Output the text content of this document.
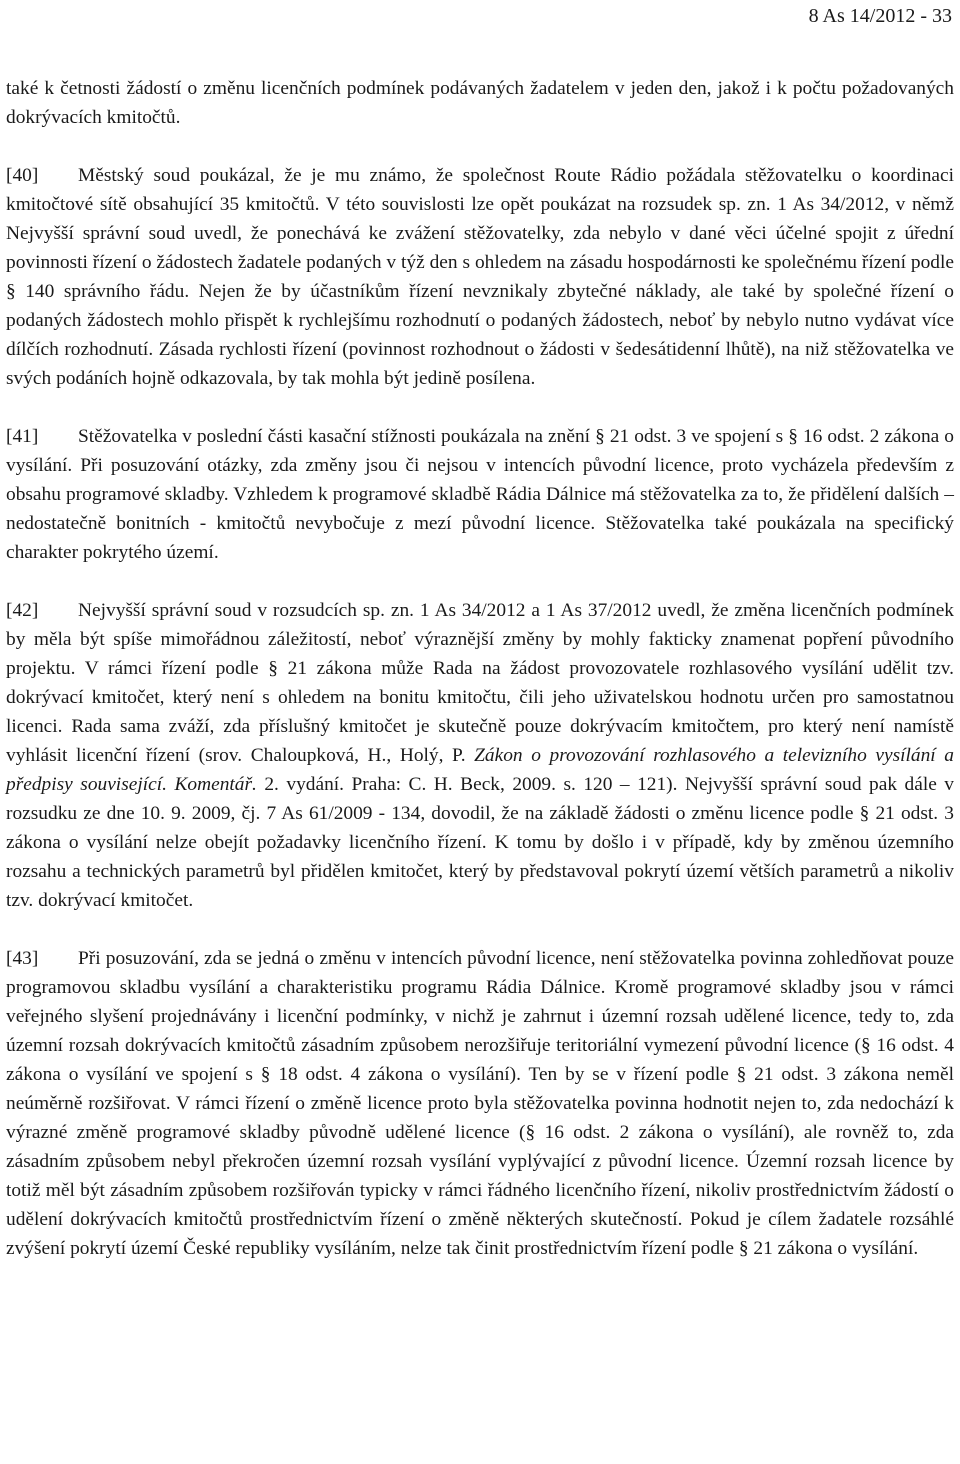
8 As 14/2012 - 33

také k četnosti žádostí o změnu licenčních podmínek podávaných žadatelem v jeden den, jakož i k počtu požadovaných dokrývacích kmitočtů.

[40] Městský soud poukázal, že je mu známo, že společnost Route Rádio požádala stěžovatelku o koordinaci kmitočtové sítě obsahující 35 kmitočtů. V této souvislosti lze opět poukázat na rozsudek sp. zn. 1 As 34/2012, v němž Nejvyšší správní soud uvedl, že ponechává ke zvážení stěžovatelky, zda nebylo v dané věci účelné spojit z úřední povinnosti řízení o žádostech žadatele podaných v týž den s ohledem na zásadu hospodárnosti ke společnému řízení podle § 140 správního řádu. Nejen že by účastníkům řízení nevznikaly zbytečné náklady, ale také by společné řízení o podaných žádostech mohlo přispět k rychlejšímu rozhodnutí o podaných žádostech, neboť by nebylo nutno vydávat více dílčích rozhodnutí. Zásada rychlosti řízení (povinnost rozhodnout o žádosti v šedesátidenní lhůtě), na niž stěžovatelka ve svých podáních hojně odkazovala, by tak mohla být jedině posílena.

[41] Stěžovatelka v poslední části kasační stížnosti poukázala na znění § 21 odst. 3 ve spojení s § 16 odst. 2 zákona o vysílání. Při posuzování otázky, zda změny jsou či nejsou v intencích původní licence, proto vycházela především z obsahu programové skladby. Vzhledem k programové skladbě Rádia Dálnice má stěžovatelka za to, že přidělení dalších – nedostatečně bonitních - kmitočtů nevybočuje z mezí původní licence. Stěžovatelka také poukázala na specifický charakter pokrytého území.

[42] Nejvyšší správní soud v rozsudcích sp. zn. 1 As 34/2012 a 1 As 37/2012 uvedl, že změna licenčních podmínek by měla být spíše mimořádnou záležitostí, neboť výraznější změny by mohly fakticky znamenat popření původního projektu. V rámci řízení podle § 21 zákona může Rada na žádost provozovatele rozhlasového vysílání udělit tzv. dokrývací kmitočet, který není s ohledem na bonitu kmitočtu, čili jeho uživatelskou hodnotu určen pro samostatnou licenci. Rada sama zváží, zda příslušný kmitočet je skutečně pouze dokrývacím kmitočtem, pro který není namístě vyhlásit licenční řízení (srov. Chaloupková, H., Holý, P. Zákon o provozování rozhlasového a televizního vysílání a předpisy související. Komentář. 2. vydání. Praha: C. H. Beck, 2009. s. 120 – 121). Nejvyšší správní soud pak dále v rozsudku ze dne 10. 9. 2009, čj. 7 As 61/2009 - 134, dovodil, že na základě žádosti o změnu licence podle § 21 odst. 3 zákona o vysílání nelze obejít požadavky licenčního řízení. K tomu by došlo i v případě, kdy by změnou územního rozsahu a technických parametrů byl přidělen kmitočet, který by představoval pokrytí území větších parametrů a nikoliv tzv. dokrývací kmitočet.

[43] Při posuzování, zda se jedná o změnu v intencích původní licence, není stěžovatelka povinna zohledňovat pouze programovou skladbu vysílání a charakteristiku programu Rádia Dálnice. Kromě programové skladby jsou v rámci veřejného slyšení projednávány i licenční podmínky, v nichž je zahrnut i územní rozsah udělené licence, tedy to, zda územní rozsah dokrývacích kmitočtů zásadním způsobem nerozšiřuje teritoriální vymezení původní licence (§ 16 odst. 4 zákona o vysílání ve spojení s § 18 odst. 4 zákona o vysílání). Ten by se v řízení podle § 21 odst. 3 zákona neměl neúměrně rozšiřovat. V rámci řízení o změně licence proto byla stěžovatelka povinna hodnotit nejen to, zda nedochází k výrazné změně programové skladby původně udělené licence (§ 16 odst. 2 zákona o vysílání), ale rovněž to, zda zásadním způsobem nebyl překročen územní rozsah vysílání vyplývající z původní licence. Územní rozsah licence by totiž měl být zásadním způsobem rozšiřován typicky v rámci řádného licenčního řízení, nikoliv prostřednictvím žádostí o udělení dokrývacích kmitočtů prostřednictvím řízení o změně některých skutečností. Pokud je cílem žadatele rozsáhlé zvýšení pokrytí území České republiky vysíláním, nelze tak činit prostřednictvím řízení podle § 21 zákona o vysílání.
